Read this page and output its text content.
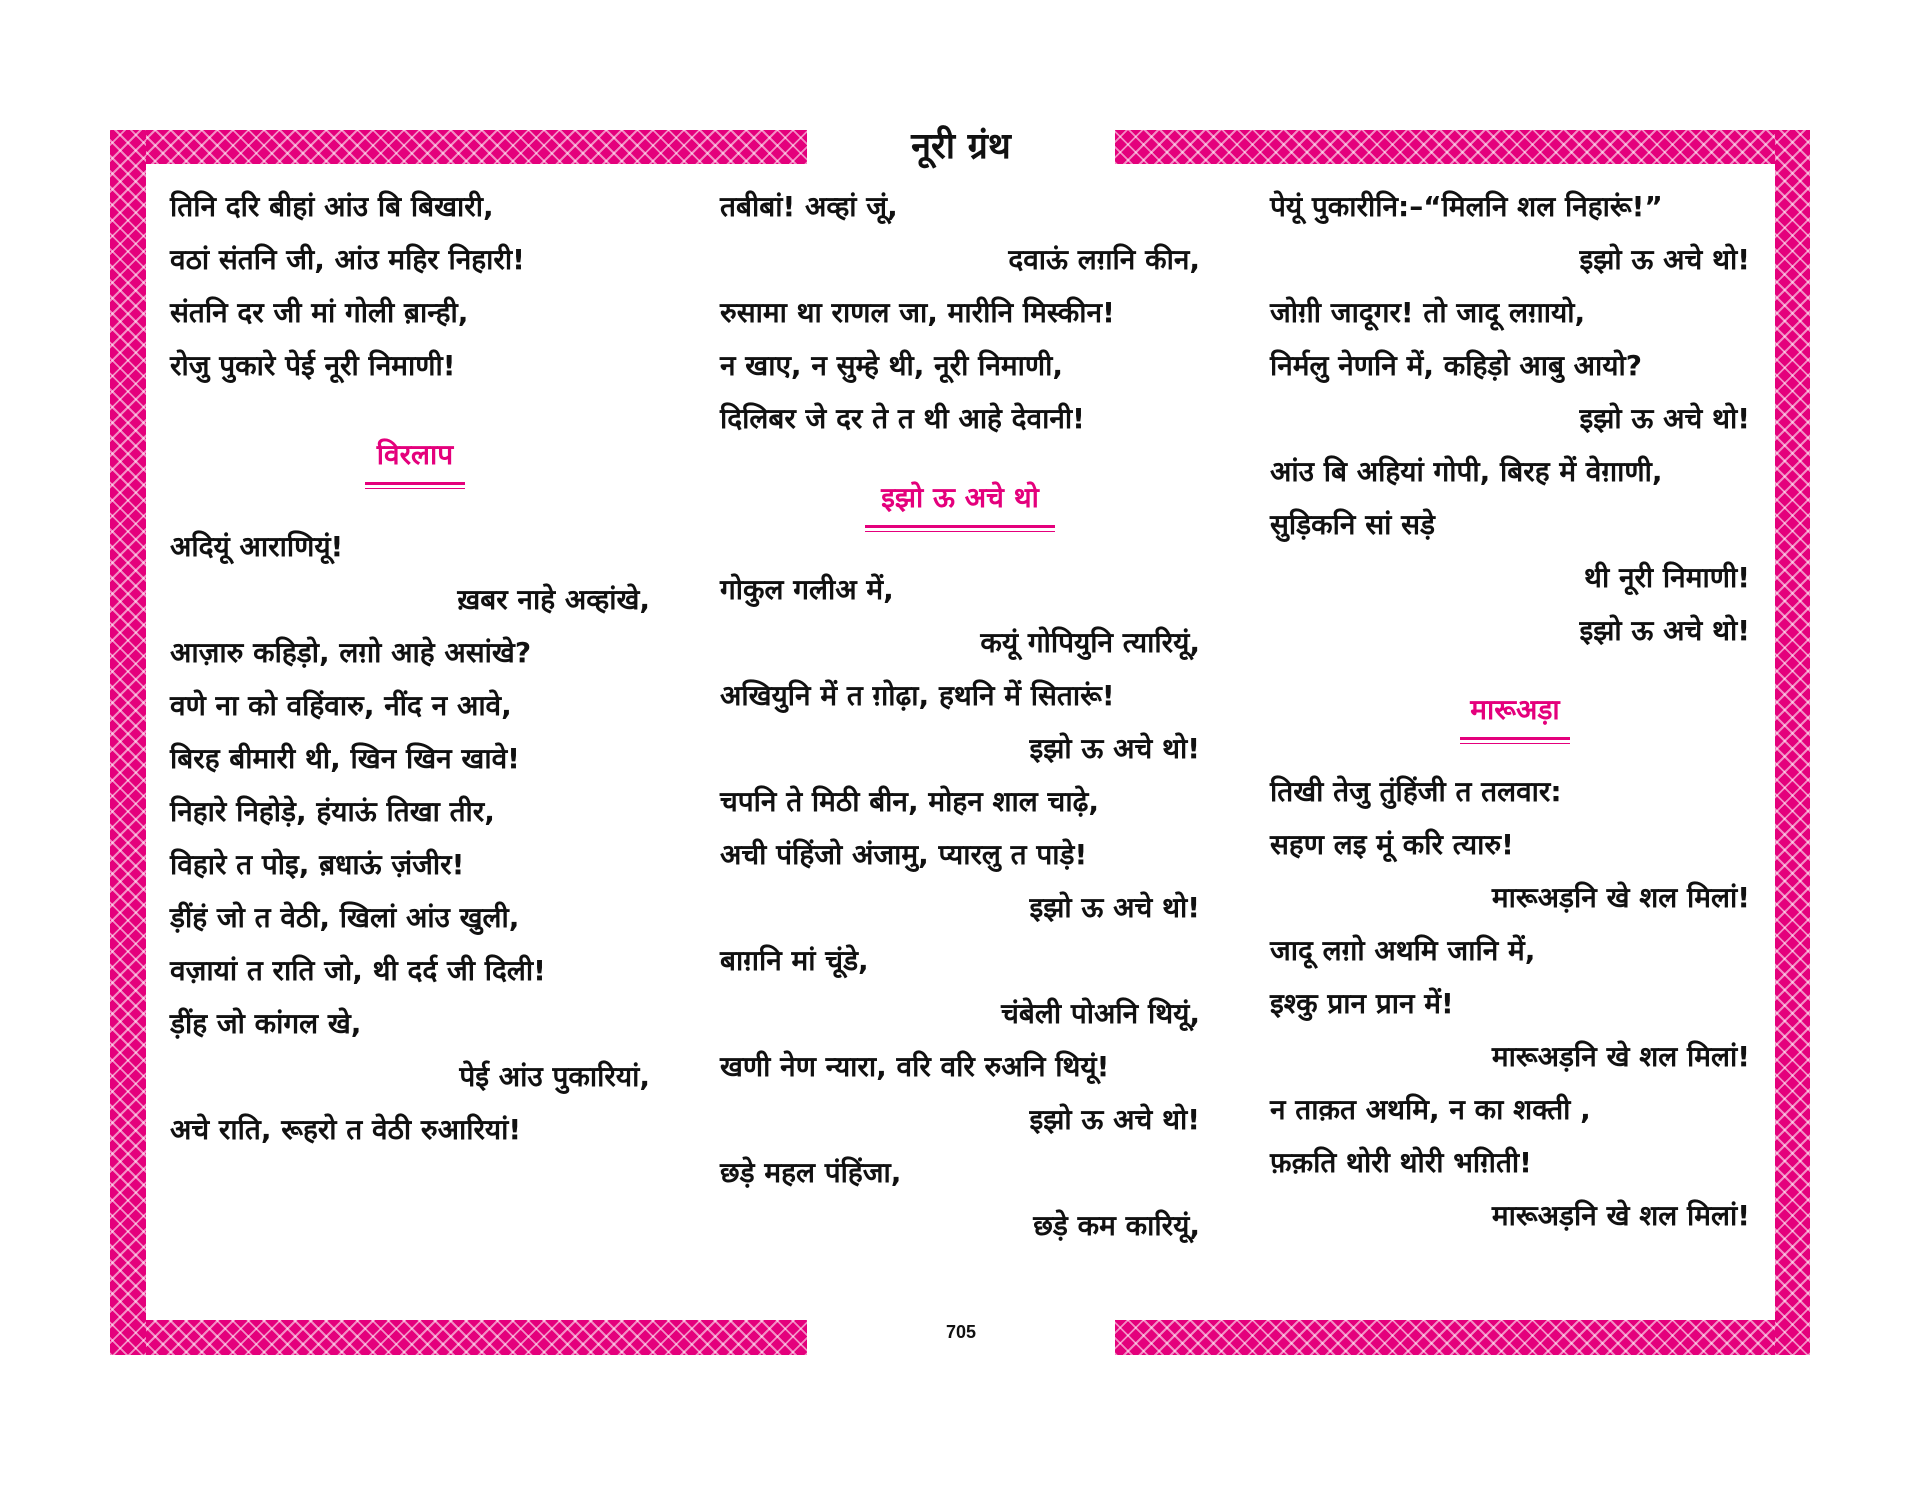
नूरी ग्रंथ
705
तिनि दरि बीहां आंउ बि बिखारी,
वठां संतनि जी, आंउ महिर निहारी!
संतनि दर जी मां गोली ब़ान्ही,
रोजु पुकारे पेई नूरी निमाणी!
विरलाप
अदियूं आराणियूं!
ख़बर नाहे अव्हांखे,
आज़ारु कहिड़ो, लग़ो आहे असांखे?
वणे ना को वहिंवारु, नींद न आवे,
बिरह बीमारी थी, खिन खिन खावे!
निहारे निहोड़े, हंयाऊं तिखा तीर,
विहारे त पोइ, ब़धाऊं ज़ंजीर!
ड़ींहं जो त वेठी, खिलां आंउ खुली,
वज़ायां त राति जो, थी दर्द जी दिली!
ड़ींह जो कांगल खे,
पेई आंउ पुकारियां,
अचे राति, रूहरो त वेठी रुआरियां!
तबीबां! अव्हां जूं,
दवाऊं लग़नि कीन,
रुसामा था राणल जा, मारीनि मिस्कीन!
न खाए, न सुम्हे थी, नूरी निमाणी,
दिलिबर जे दर ते त थी आहे देवानी!
इझो ऊ अचे थो
गोकुल गलीअ में,
कयूं गोपियुनि त्यारियूं,
अखियुनि में त ग़ोढ़ा, हथनि में सितारूं!
इझो ऊ अचे थो!
चपनि ते मिठी बीन, मोहन शाल चाढ़े,
अची पंहिंजो अंजामु, प्यारलु त पाड़े!
इझो ऊ अचे थो!
बाग़नि मां चूंडे,
चंबेली पोअनि थियूं,
खणी नेण न्यारा, वरि वरि रुअनि थियूं!
इझो ऊ अचे थो!
छडे़ महल पंहिंजा,
छडे़ कम कारियूं,
पेयूं पुकारीनि:–“मिलनि शल निहारूं!”
इझो ऊ अचे थो!
जोग़ी जादूगर! तो जादू लग़ायो,
निर्मलु नेणनि में, कहिड़ो आबु आयो?
इझो ऊ अचे थो!
आंउ बि अहियां गोपी, बिरह में वेग़ाणी,
सुड़िकनि सां सडे़
थी नूरी निमाणी!
इझो ऊ अचे थो!
मारूअड़ा
तिखी तेजु तुंहिंजी त तलवार:
सहण लइ मूं करि त्यारु!
मारूअड़नि खे शल मिलां!
जादू लग़ो अथमि जानि में,
इश्कु प्रान प्रान में!
मारूअड़नि खे शल मिलां!
न ताक़त अथमि, न का शक्ती ,
फ़क़ति थोरी थोरी भग़िती!
मारूअड़नि खे शल मिलां!
